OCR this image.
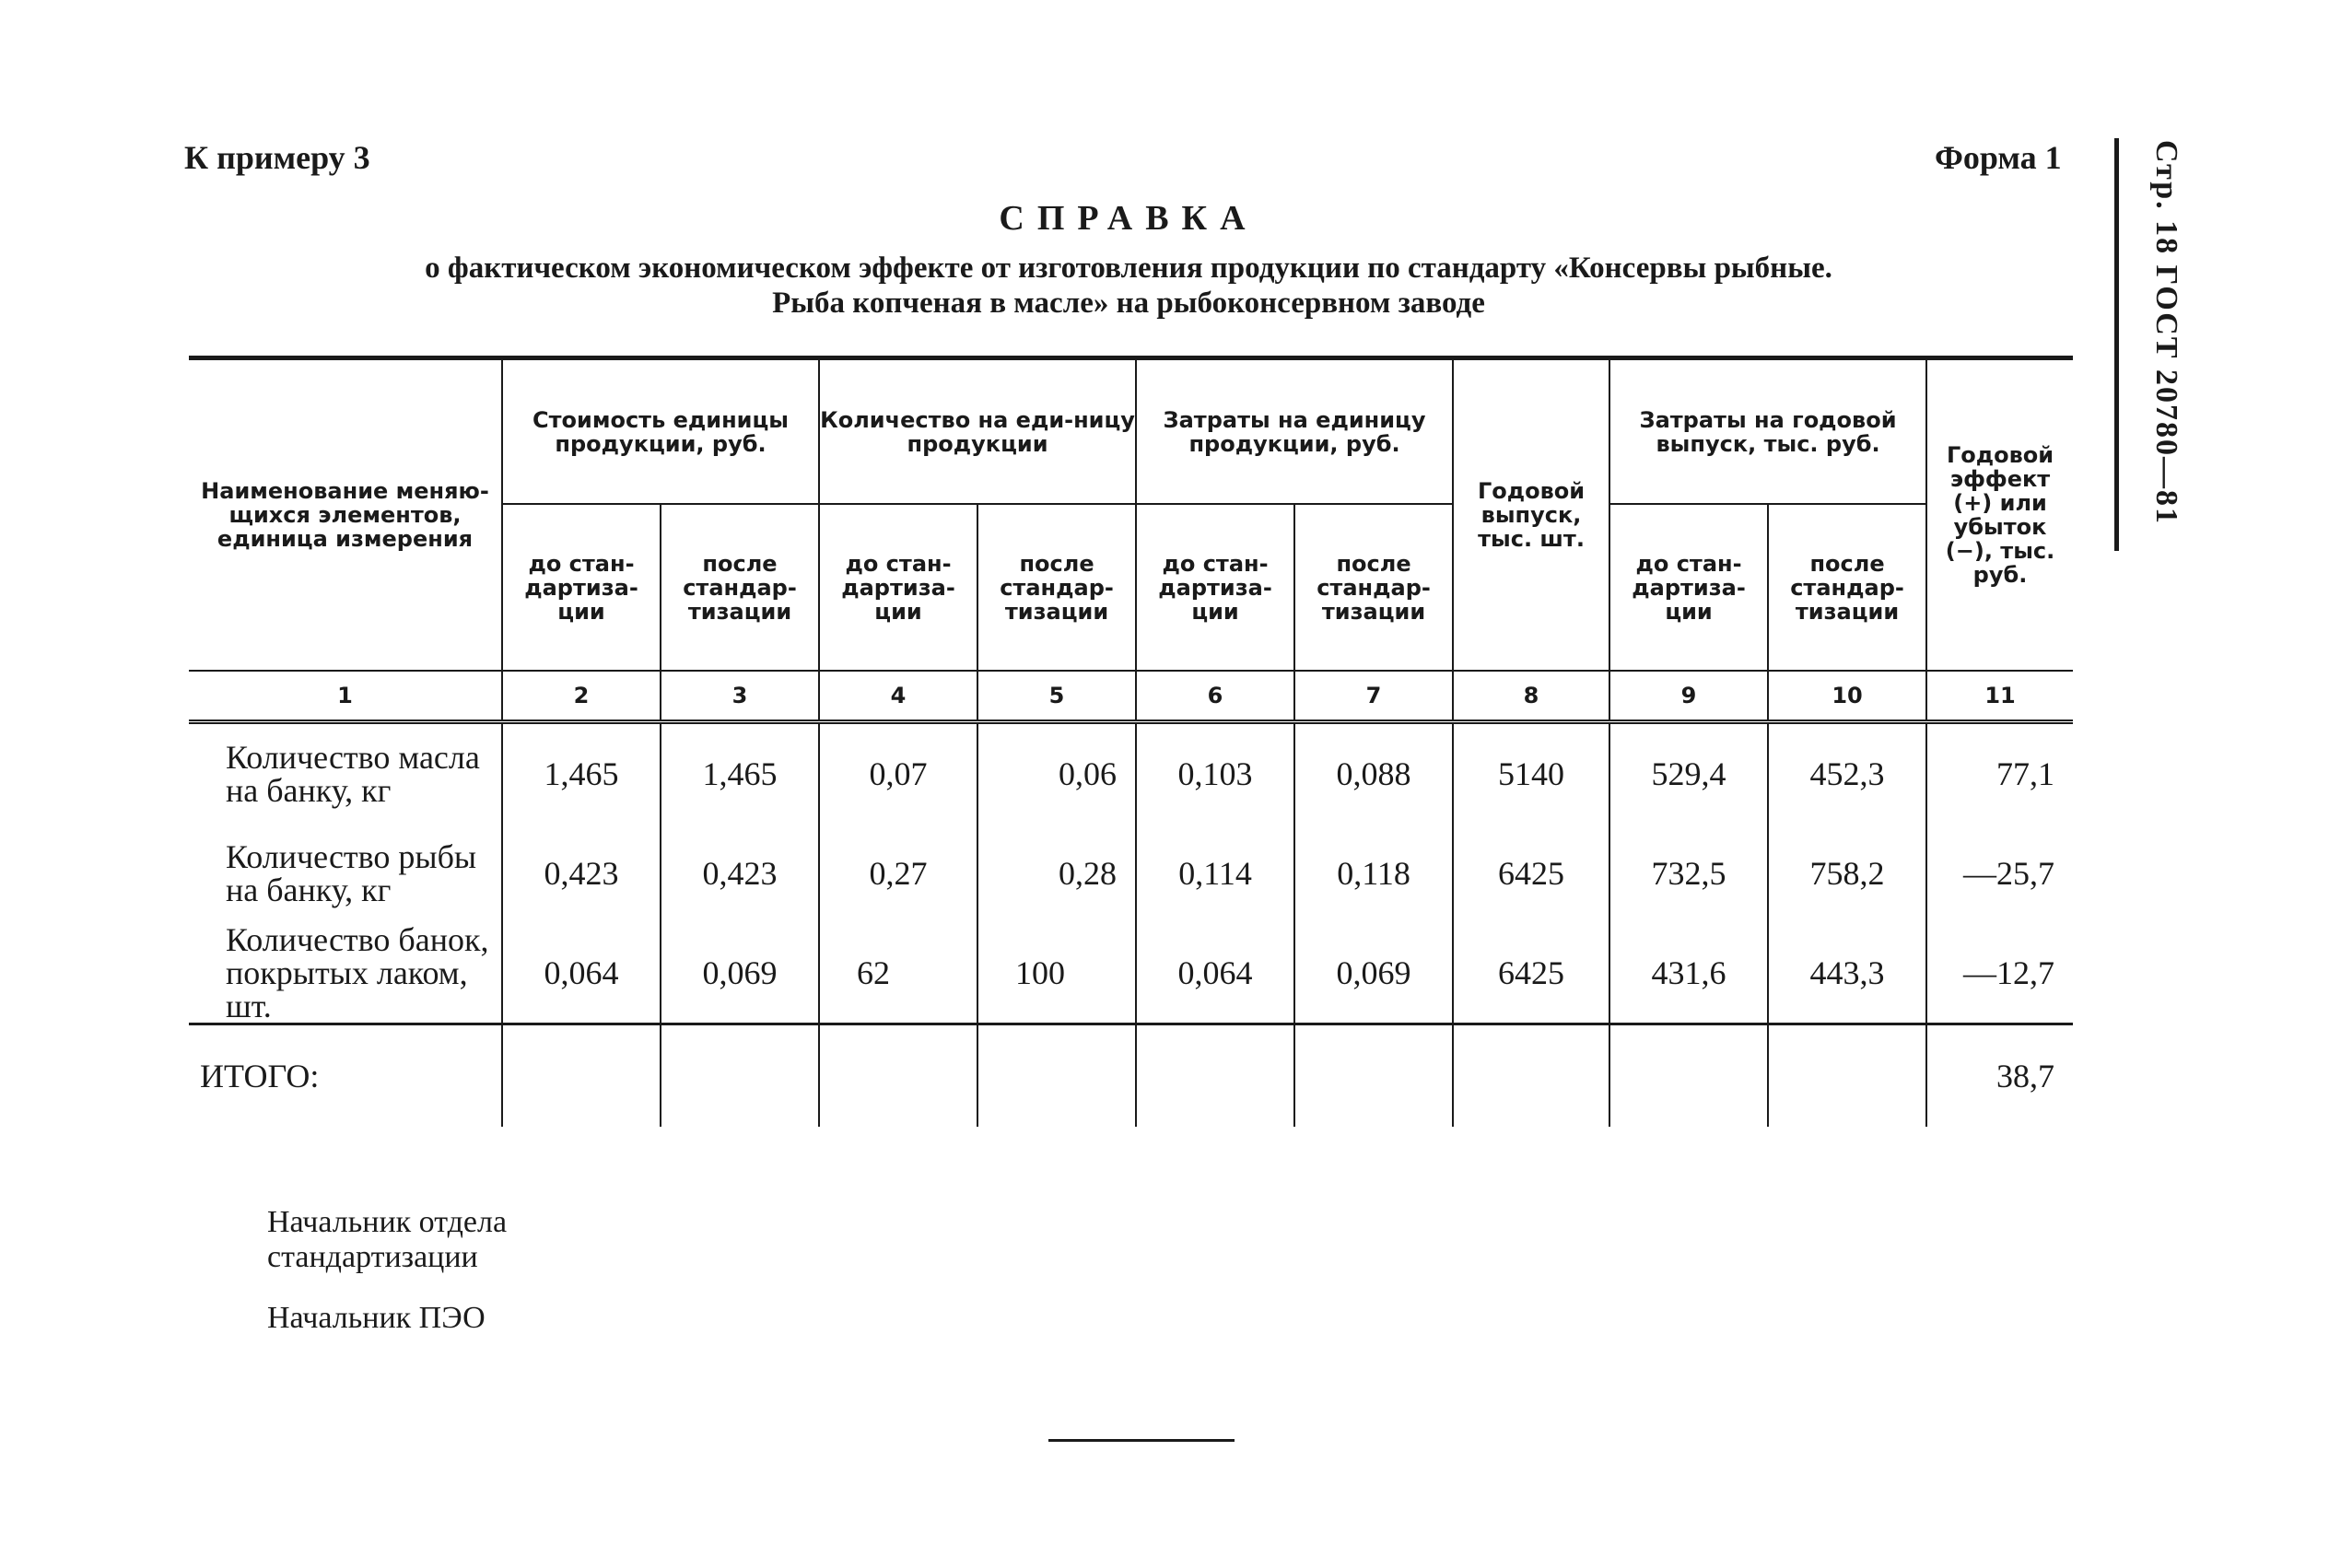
К примеру 3	Форма 1	Стр. 18 ГОСТ 20780—81
СПРАВКА
о фактическом экономическом эффекте от изготовления продукции по стандарту «Консервы рыбные.
Рыба копченая в масле» на рыбоконсервном заводе
Наименование меняю-щихся элементов, единица измерения	Стоимость единицы продукции, руб.		Количество на еди-ницу продукции		Затраты на единицу продукции, руб.		Годовой выпуск, тыс. шт.	Затраты на годовой выпуск, тыс. руб.		Годовой эффект (+) или убыток (−), тыс. руб.
	до стан-дартиза-ции	после стандар-тизации	до стан-дартиза-ции	после стандар-тизации	до стан-дартиза-ции	после стандар-тизации		до стан-дартиза-ции	после стандар-тизации	
1	2	3	4	5	6	7	8	9	10	11
Количество масла на банку, кг	1,465	1,465	0,07	0,06	0,103	0,088	5140	529,4	452,3	77,1
Количество рыбы на банку, кг	0,423	0,423	0,27	0,28	0,114	0,118	6425	732,5	758,2	—25,7
Количество банок, покрытых лаком, шт.	0,064	0,069	62	100	0,064	0,069	6425	431,6	443,3	—12,7
ИТОГО:										38,7
Начальник отдела
стандартизации
Начальник ПЭО
